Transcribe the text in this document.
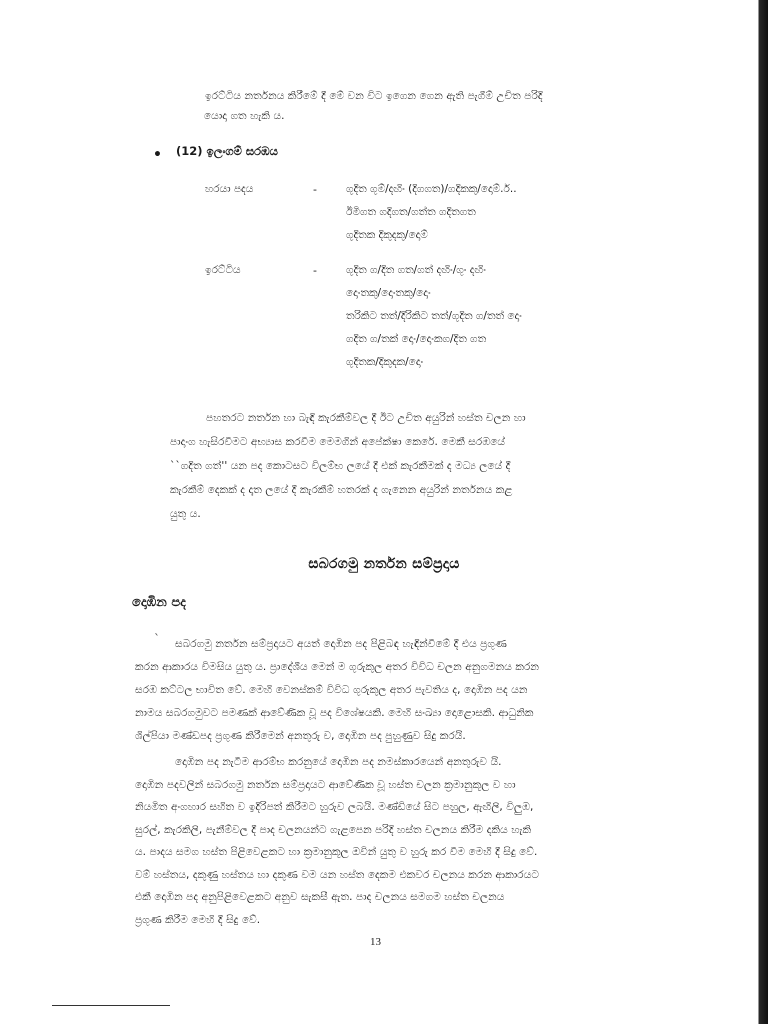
ඉරට්ටිය නර්තනය කිරීමේ දී මේ වන විට ඉගෙන ගෙන ඇති පැගීම් උචිත පරිදි
යොදා ගත හැකි ය.
• (12) ඉලංගම් සරඹය
හරයා පදය	-	ගුදිත ගුම්/දඟිං (දිගගත)/ගදිකකු/දොම්.ර්..
ඊමිගත ගදිගත/ගත්ත ගදිතගත
ගුදිතක දිකුදකු/දොම්
ඉරට්ටිය	-	ගුදිත ග/දිත ගත/ගත් දඟිං/ගුං දඟිං
දොංතකු/දොංතකු/දොං
තරිකිට තත්/දිරිකිට තත්/ගුදිත ග/තත් දොං
ගදිත ග/තක් දොං/දොංකග/දිත ගත
ගුදිතක/දිකුදක/දොං
පහතරට නර්තන හා බැඳි කැරකීම්වල දී ඊට උචිත අයුරින් හස්ත චලන හා
පාදාංග හැසිරවීමට අභ්‍යාස කරවීම මෙමගින් අපේක්ෂා කෙරේ. මෙකී සරඹයේ
``ගදිත ගත්'' යන පද කොටසට විලම්භ ලයේ දී එක් කැරකීමක් ද මධ්‍ය ලයේ දී
කැරකීම් දෙකක් ද දෘත ලයේ දී කැරකීම් හතරක් ද ගැනෙන අයුරින් නර්තනය කළ
යුතු ය.
සබරගමු නර්තන සම්ප්‍රදාය
දොඹින පද
ˋ	සබරගමු නර්තන සම්ප්‍රදායට අයත් දොඹින පද පිළිබඳ හැඳින්වීමේ දී එය ප්‍රගුණ
කරන ආකාරය විමසිය යුතු ය. ප්‍රාදේශීය මෙන් ම ගුරුකුල අතර විවිධ චලන අනුගමනය කරන
සරඹ කට්ටල භාවිත වේ. මෙහි වෙනස්කම් විවිධ ගුරුකුල අතර පැවතිය ද, දොඹින පද යන
නාමය සබරගමුවට පමණක් ආවේණික වූ පද විශේෂයකි. මෙහි සංඛ්‍යා දොළොසකි. ආධුනික
ශිල්පියා මණ්ඩපද ප්‍රගුණ කිරීමෙන් අනතුරු ව, දොඹින පද පුහුණුව සිදු කරයි.
දොඹින පද නැටීම ආරම්භ කරනුයේ දොඹින පද නමස්කාරයෙන් අනතුරුව යි.
දොඹින පදවලින් සබරගමු නර්තන සම්ප්‍රදායට ආවේණික වූ හස්ත චලන ක්‍රමානුකූල ව හා
නියමිත අංගහාර සහිත ව ඉදිරිපත් කිරීමට හුරුව ලබයි. මණ්ඩියේ සිට පහුල, ඇඟිලි, විලුඹ,
සුරල්, කැරකිලි, පැනීම්වල දී පාද චලනයන්ට ගැළපෙන පරිදි හස්ත චලනය කිරීම දකිය හැකි
ය. පාදය සමග හස්ත පිළිවෙළකට හා ක්‍රමානුකූල ඔවින් යුතු ව හුරු කර වීම මෙහි දී සිදු වේ.
වම් හස්තය, දකුණු හස්තය හා දකුණ වම යන හස්ත දෙකම එකවර චලනය කරන ආකාරයට
එකී දොඹින පද අනුපිළිවෙළකට අනුව සැකසී ඇත. පාද චලනය සමගම හස්ත චලනය
ප්‍රගුණ කිරීම මෙහි දී සිදු වේ.
13
